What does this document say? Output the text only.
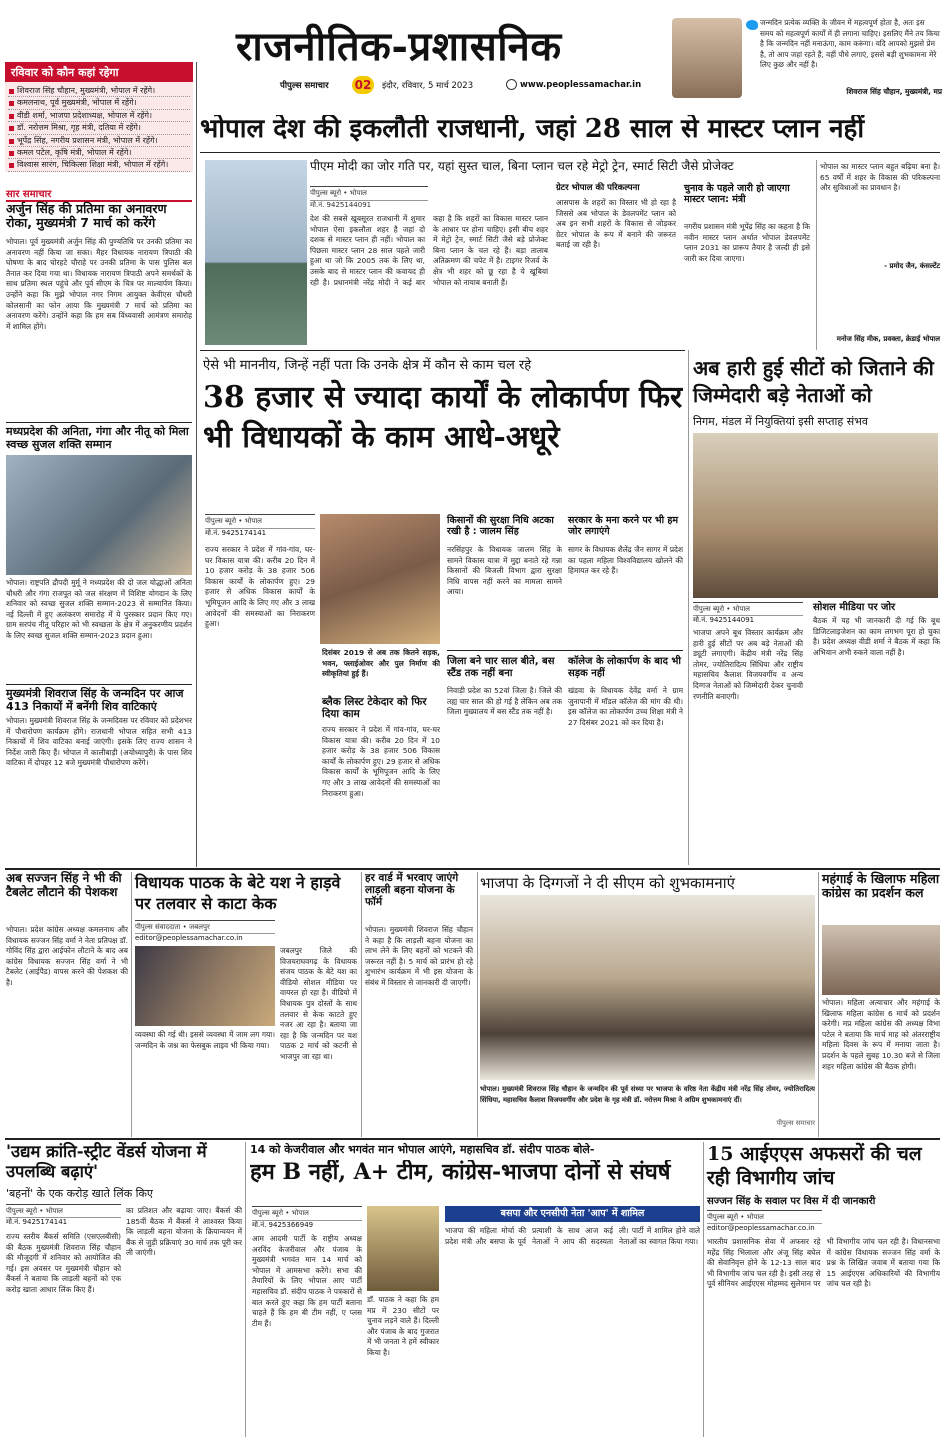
राजनीतिक-प्रशासनिक
पीपुल्स समाचार 02	इंदौर, रविवार, 5 मार्च 2023	www.peoplessamachar.in
जन्मदिन प्रत्येक व्यक्ति के जीवन में महत्वपूर्ण होता है, अतः इस समय को महत्वपूर्ण कार्यों में ही लगाना चाहिए। इसलिए मैंने तय किया है कि जन्मदिन नहीं मनाऊंगा, काम करूंगा। यदि आपको मुझसे प्रेम है, तो आप जहां रहते हैं, वहीं पौधे लगाएं, इससे बड़ी शुभकामना मेरे लिए कुछ और नहीं है।
शिवराज सिंह चौहान, मुख्यमंत्री, मप्र
रविवार को कौन कहां रहेगा
शिवराज सिंह चौहान, मुख्यमंत्री, भोपाल में रहेंगे।
कमलनाथ, पूर्व मुख्यमंत्री, भोपाल में रहेंगे।
वीडी शर्मा, भाजपा प्रदेशाध्यक्ष, भोपाल में रहेंगे।
डॉ. नरोत्तम मिश्रा, गृह मंत्री, दतिया में रहेंगे।
भूपेंद्र सिंह, नगरीय प्रशासन मंत्री, भोपाल में रहेंगे।
कमल पटेल, कृषि मंत्री, भोपाल में रहेंगे।
विश्वास सारंग, चिकित्सा शिक्षा मंत्री, भोपाल में रहेंगे।
सार समाचार
अर्जुन सिंह की प्रतिमा का अनावरण रोका, मुख्यमंत्री 7 मार्च को करेंगे
भोपाल। पूर्व मुख्यमंत्री अर्जुन सिंह की पुण्यतिथि पर उनकी प्रतिमा का अनावरण नहीं किया जा सका। मैहर विधायक नारायण त्रिपाठी की घोषणा के बाद चोरहटे चौराहे पर उनकी प्रतिमा के पास पुलिस बल तैनात कर दिया गया था। विधायक नारायण त्रिपाठी अपने समर्थकों के साथ प्रतिमा स्थल पहुंचे और पूर्व सीएम के चित्र पर माल्यार्पण किया। उन्होंने कहा कि मुझे भोपाल नगर निगम आयुक्त केवीएस चौधरी कोलसानी का फोन आया कि मुख्यमंत्री 7 मार्च को प्रतिमा का अनावरण करेंगे। उन्होंने कहा कि हम सब विंध्यवासी आमंत्रण समारोह में शामिल होंगे।
मध्यप्रदेश की अनिता, गंगा और नीतू को मिला स्वच्छ सुजल शक्ति सम्मान
भोपाल। राष्ट्रपति द्रौपदी मुर्मू ने मध्यप्रदेश की दो जल योद्धाओं अनिता चौधरी और गंगा राजपूत को जल संरक्षण में विशिष्ट योगदान के लिए शनिवार को स्वच्छ सुजल शक्ति सम्मान-2023 से सम्मानित किया। नई दिल्ली में हुए अलंकरण समारोह में ये पुरस्कार प्रदान किए गए। ग्राम सरपंच नीतू परिहार को भी स्वच्छता के क्षेत्र में अनुकरणीय प्रदर्शन के लिए स्वच्छ सुजल शक्ति सम्मान-2023 प्रदान हुआ।
मुख्यमंत्री शिवराज सिंह के जन्मदिन पर आज 413 निकायों में बनेंगी शिव वाटिकाएं
भोपाल। मुख्यमंत्री शिवराज सिंह के जन्मदिवस पर रविवार को प्रदेशभर में पौधारोपण कार्यक्रम होंगे। राजधानी भोपाल सहित सभी 413 निकायों में शिव वाटिका बनाई जाएंगी। इसके लिए राज्य शासन ने निर्देश जारी किए हैं। भोपाल में कालीबाड़ी (अयोध्यापुरी) के पास शिव वाटिका में दोपहर 12 बजे मुख्यमंत्री पौधारोपण करेंगे।
भोपाल देश की इकलौती राजधानी, जहां 28 साल से मास्टर प्लान नहीं
पीएम मोदी का जोर गति पर, यहां सुस्त चाल, बिना प्लान चल रहे मेट्रो ट्रेन, स्मार्ट सिटी जैसे प्रोजेक्ट
पीपुल्स ब्यूरो • भोपाल
मो.नं. 9425144091
देश की सबसे खूबसूरत राजधानी में शुमार भोपाल ऐसा इकलौता शहर है जहां दो दशक से मास्टर प्लान ही नहीं। भोपाल का पिछला मास्टर प्लान 28 साल पहले जारी हुआ था जो कि 2005 तक के लिए था, उसके बाद से मास्टर प्लान की कवायद ही रही है। प्रधानमंत्री नरेंद्र मोदी ने कई बार कहा है कि शहरों का विकास मास्टर प्लान के आधार पर होना चाहिए। इसी बीच शहर में मेट्रो ट्रेन, स्मार्ट सिटी जैसे बड़े प्रोजेक्ट बिना प्लान के चल रहे हैं। बड़ा तालाब अतिक्रमण की चपेट में है। टाइगर रिजर्व के क्षेत्र भी शहर को छू रहा है ये खूबियां भोपाल को नायाब बनाती हैं।
ग्रेटर भोपाल की परिकल्पना
आसपास के शहरों का विस्तार भी हो रहा है जिससे अब भोपाल के डेवलपमेंट प्लान को अब इन सभी शहरों के विकास से जोड़कर ग्रेटर भोपाल के रूप में बनाने की जरूरत बताई जा रही है।
चुनाव के पहले जारी हो जाएगा मास्टर प्लान: मंत्री
नगरीय प्रशासन मंत्री भूपेंद्र सिंह का कहना है कि नवीन मास्टर प्लान अर्थात भोपाल डेवलपमेंट प्लान 2031 का प्रारूप तैयार है जल्दी ही इसे जारी कर दिया जाएगा।
भोपाल का मास्टर प्लान बहुत बढ़िया बना है। 65 वर्षों में शहर के विकास की परिकल्पना और सुविधाओं का प्रावधान है।
- प्रमोद जैन, कंसल्टेंट
मनोज सिंह मीक, प्रवक्ता, क्रेडाई भोपाल
ऐसे भी माननीय, जिन्हें नहीं पता कि उनके क्षेत्र में कौन से काम चल रहे
38 हजार से ज्यादा कार्यों के लोकार्पण फिर भी विधायकों के काम आधे-अधूरे
पीपुल्स ब्यूरो • भोपाल
मो.नं. 9425174141
राज्य सरकार ने प्रदेश में गांव-गांव, घर-घर विकास यात्रा की। करीब 20 दिन में 10 हजार करोड़ के 38 हजार 506 विकास कार्यों के लोकार्पण हुए। 29 हजार से अधिक विकास कार्यों के भूमिपूजन आदि के लिए गए और 3 लाख आवेदनों की समस्याओं का निराकरण हुआ।
दिसंबर 2019 से अब तक कितने सड़क, भवन, फ्लाईओवर और पुल निर्माण की स्वीकृतियां हुई हैं।
ब्लैक लिस्ट टेकेदार को फिर दिया काम
राज्य सरकार ने प्रदेश में गांव-गांव, घर-घर विकास यात्रा की। करीब 20 दिन में 10 हजार करोड़ के 38 हजार 506 विकास कार्यों के लोकार्पण हुए। 29 हजार से अधिक विकास कार्यों के भूमिपूजन आदि के लिए गए और 3 लाख आवेदनों की समस्याओं का निराकरण हुआ।
किसानों की सुरक्षा निधि अटका रखी है : जालम सिंह
नरसिंहपुर के विधायक जालम सिंह के सामने विकास यात्रा में मुद्दा बनाते रहे गन्ना किसानों की बिजली विभाग द्वारा सुरक्षा निधि वापस नहीं करने का मामला सामने आया।
सरकार के मना करने पर भी हम जोर लगाएंगे
सागर के विधायक शैलेंद्र जैन सागर में प्रदेश का पहला महिला विश्वविद्यालय खोलने की हिमायत कर रहे हैं।
जिला बने चार साल बीते, बस स्टैंड तक नहीं बना
निवाड़ी प्रदेश का 52वां जिला है। जिले की तह्य चार साल की हो गई है लेकिन अब तक जिला मुख्यालय में बस स्टैंड तक नहीं है।
कॉलेज के लोकार्पण के बाद भी सड़क नहीं
खंडवा के विधायक देवेंद्र वर्मा ने ग्राम जुनापानी में मॉडल कॉलेज की मांग की थी। इस कॉलेज का लोकार्पण उच्च शिक्षा मंत्री ने 27 दिसंबर 2021 को कर दिया है।
अब हारी हुई सीटों को जिताने की जिम्मेदारी बड़े नेताओं को
निगम, मंडल में नियुक्तियां इसी सप्ताह संभव
पीपुल्स ब्यूरो • भोपाल
मो.नं. 9425144091
भाजपा अपने बूथ विस्तार कार्यक्रम और हारी हुई सीटों पर अब बड़े नेताओं की ड्यूटी लगाएगी। केंद्रीय मंत्री नरेंद्र सिंह तोमर, ज्योतिरादित्य सिंधिया और राष्ट्रीय महासचिव कैलाश विजयवर्गीय व अन्य दिग्गज नेताओं को जिम्मेदारी देकर चुनावी रणनीति बनाएगी।
सोशल मीडिया पर जोर
बैठक में यह भी जानकारी दी गई कि बूथ डिजिटलाइजेशन का काम लगभग पूरा हो चुका है। प्रदेश अध्यक्ष वीडी शर्मा ने बैठक में कहा कि अभियान अभी रुकने वाला नहीं है।
अब सज्जन सिंह ने भी की टैबलेट लौटाने की पेशकश
भोपाल। प्रदेश कांग्रेस अध्यक्ष कमलनाथ और विधायक सज्जन सिंह वर्मा ने नेता प्रतिपक्ष डॉ. गोविंद सिंह द्वारा आईफोन लौटाने के बाद अब कांग्रेस विधायक सज्जन सिंह वर्मा ने भी टैबलेट (आईपैड) वापस करने की पेशकश की है।
विधायक पाठक के बेटे यश ने हाड़वे पर तलवार से काटा केक
पीपुल्स संवाददाता • जबलपुर
editor@peoplessamachar.co.in
जबलपुर जिले की विजयराघवगढ़ के विधायक संजय पाठक के बेटे यश का वीडियो सोशल मीडिया पर वायरल हो रहा है। वीडियो में विधायक पुत्र दोस्तों के साथ तलवार से केक काटते हुए नजर आ रहा है। बताया जा रहा है कि जन्मदिन पर यश पाठक 2 मार्च को कटनी से भाजपुर जा रहा था।
व्यवस्था की गई थी। इससे व्यवस्था में जाम लग गया। जन्मदिन के जश्न का फेसबुक लाइव भी किया गया।
हर वार्ड में भरवाए जाएंगे लाड़ली बहना योजना के फॉर्म
भोपाल। मुख्यमंत्री शिवराज सिंह चौहान ने कहा है कि लाड़ली बहना योजना का लाभ लेने के लिए बहनों को भटकने की जरूरत नहीं है। 5 मार्च को प्रारंभ हो रहे शुभारंभ कार्यक्रम में भी इस योजना के संबंध में विस्तार से जानकारी दी जाएगी।
भाजपा के दिग्गजों ने दी सीएम को शुभकामनाएं
भोपाल। मुख्यमंत्री शिवराज सिंह चौहान के जन्मदिन की पूर्व संध्या पर भाजपा के वरिष्ठ नेता केंद्रीय मंत्री नरेंद्र सिंह तोमर, ज्योतिरादित्य सिंधिया, महासचिव कैलाश विजयवर्गीय और प्रदेश के गृह मंत्री डॉ. नरोत्तम मिश्रा ने अग्रिम शुभकामनाएं दीं।
पीपुल्स समाचार
महंगाई के खिलाफ महिला कांग्रेस का प्रदर्शन कल
भोपाल। महिला अत्याचार और महंगाई के खिलाफ महिला कांग्रेस 6 मार्च को प्रदर्शन करेगी। मप्र महिला कांग्रेस की अध्यक्ष विभा पटेल ने बताया कि मार्च माह को अंतरराष्ट्रीय महिला दिवस के रूप में मनाया जाता है। प्रदर्शन के पहले सुबह 10.30 बजे से जिला शहर महिला कांग्रेस की बैठक होगी।
'उद्यम क्रांति-स्ट्रीट वेंडर्स योजना में उपलब्धि बढ़ाएं'
'बहनों' के एक करोड़ खाते लिंक किए
पीपुल्स ब्यूरो • भोपाल
मो.नं. 9425174141
राज्य स्तरीय बैंकर्स समिति (एसएलबीसी) की बैठक मुख्यमंत्री शिवराज सिंह चौहान की मौजूदगी में शनिवार को आयोजित की गई। इस अवसर पर मुख्यमंत्री चौहान को बैंकर्स ने बताया कि लाड़ली बहनों को एक करोड़ खाता आधार लिंक किए हैं।
का प्रतिशत और बढ़ाया जाए। बैंकर्स की 185वीं बैठक में बैंकर्स ने आश्वस्त किया कि लाड़ली बहना योजना के क्रियान्वयन में बैंक से जुड़ी प्रक्रियाएं 30 मार्च तक पूरी कर ली जाएंगी।
14 को केजरीवाल और भगवंत मान भोपाल आएंगे, महासचिव डॉ. संदीप पाठक बोले-
हम B नहीं, A+ टीम, कांग्रेस-भाजपा दोनों से संघर्ष
पीपुल्स ब्यूरो • भोपाल
मो.नं. 9425366949
बसपा और एनसीपी नेता 'आप' में शामिल
आम आदमी पार्टी के राष्ट्रीय अध्यक्ष अरविंद केजरीवाल और पंजाब के मुख्यमंत्री भगवंत मान 14 मार्च को भोपाल में आमसभा करेंगे। सभा की तैयारियों के लिए भोपाल आए पार्टी महासचिव डॉ. संदीप पाठक ने पत्रकारों से बात करते हुए कहा कि हम पार्टी बताना चाहते हैं कि हम बी टीम नहीं, ए प्लस टीम हैं।
डॉ. पाठक ने कहा कि हम मप्र में 230 सीटों पर चुनाव लड़ने वाले हैं। दिल्ली और पंजाब के बाद गुजरात में भी जनता ने हमें स्वीकार किया है।
भाजपा की महिला मोर्चा की प्रदेश मंत्री और बसपा के पूर्व प्रत्याशी के साथ आज कई नेताओं ने आप की सदस्यता ली। पार्टी में शामिल होने वाले नेताओं का स्वागत किया गया।
15 आईएएस अफसरों की चल रही विभागीय जांच
सज्जन सिंह के सवाल पर विस में दी जानकारी
पीपुल्स ब्यूरो • भोपाल
editor@peoplessamachar.co.in
भारतीय प्रशासनिक सेवा में अफसर रहे महेंद्र सिंह भिलाला और अंजू सिंह बघेल की सेवानिवृत्त होने के 12-13 साल बाद भी विभागीय जांच चल रही है। इसी तरह से पूर्व सीनियर आईएएस मोहम्मद सुलेमान पर भी विभागीय जांच चल रही है। विधानसभा में कांग्रेस विधायक सज्जन सिंह वर्मा के प्रश्न के लिखित जवाब में बताया गया कि 15 आईएएस अधिकारियों की विभागीय जांच चल रही है।
